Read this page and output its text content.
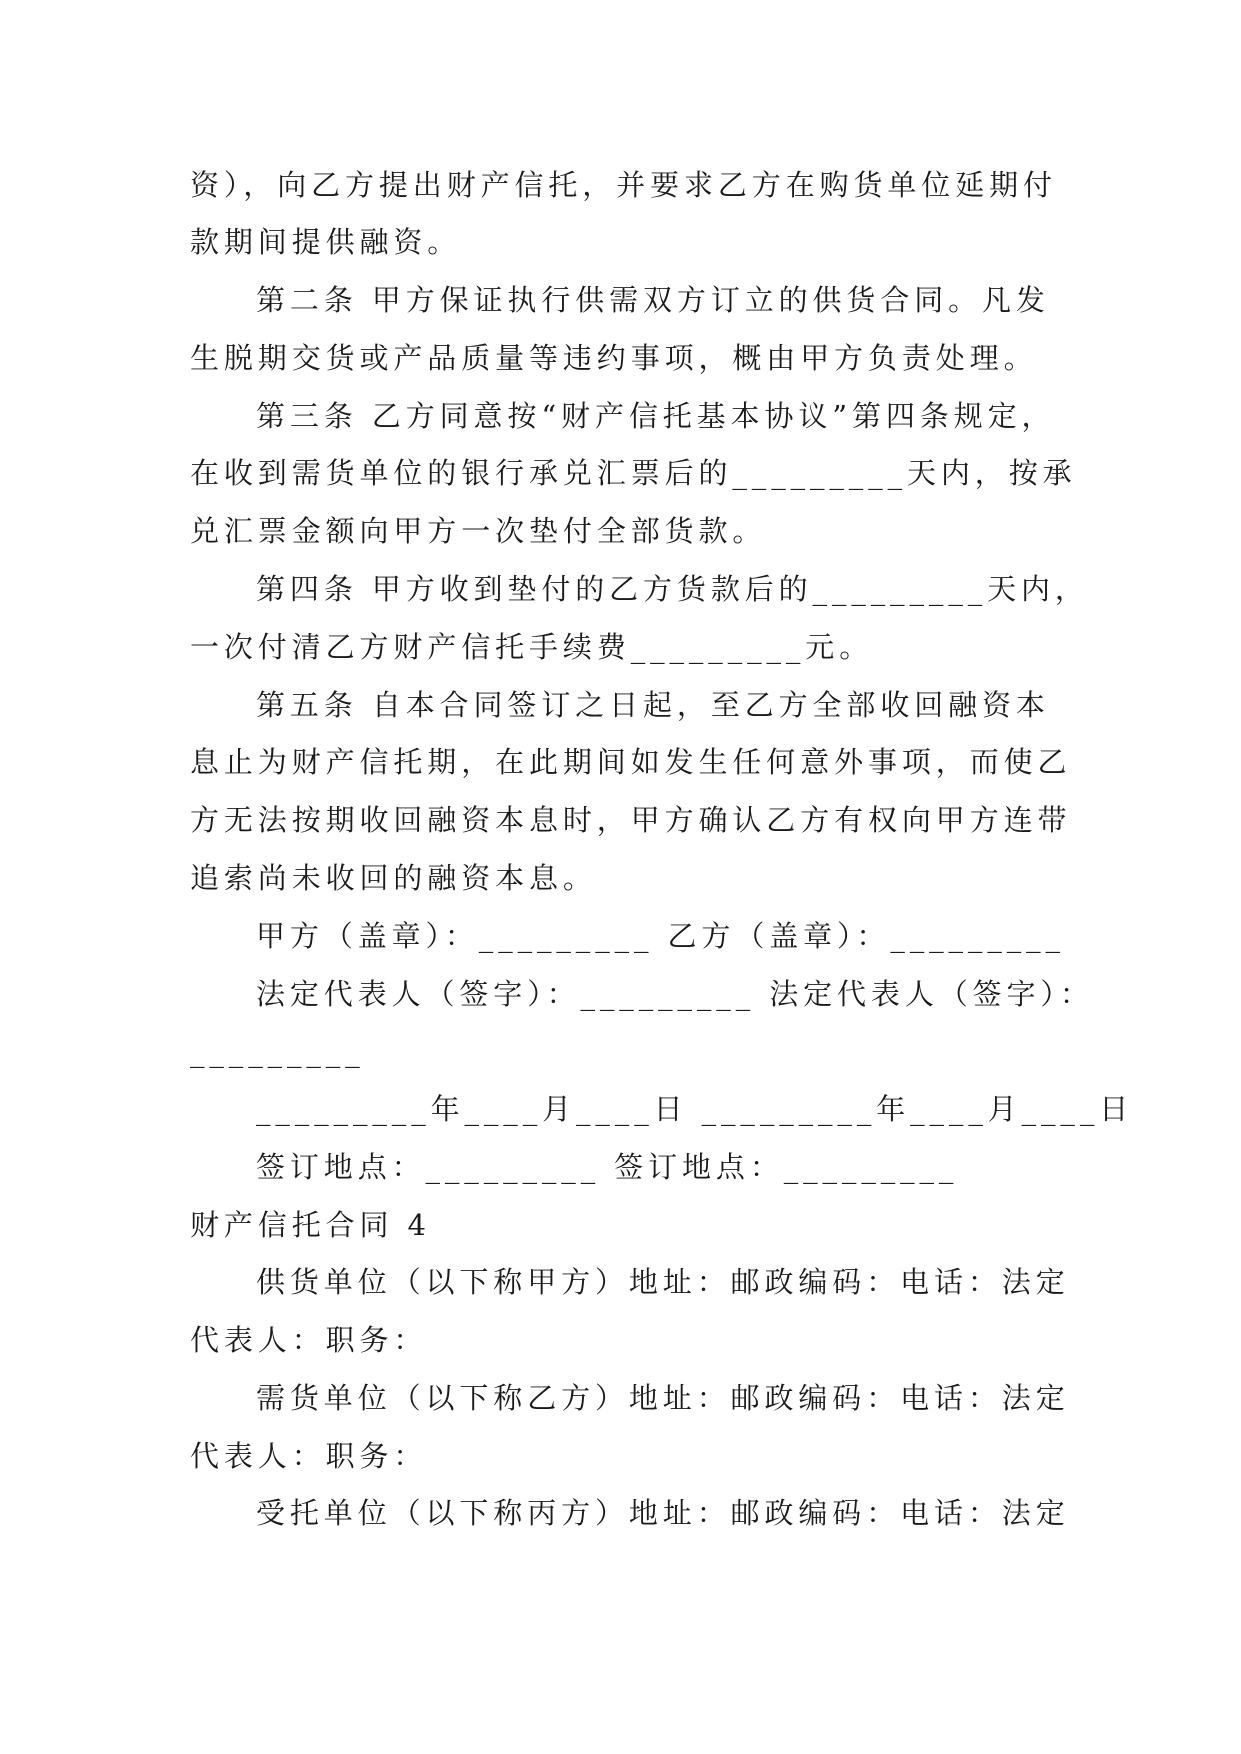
资），向乙方提出财产信托，并要求乙方在购货单位延期付
款期间提供融资。
第二条 甲方保证执行供需双方订立的供货合同。凡发
生脱期交货或产品质量等违约事项，概由甲方负责处理。
第三条 乙方同意按“财产信托基本协议”第四条规定，
在收到需货单位的银行承兑汇票后的_________天内，按承
兑汇票金额向甲方一次垫付全部货款。
第四条 甲方收到垫付的乙方货款后的_________天内，
一次付清乙方财产信托手续费_________元。
第五条 自本合同签订之日起，至乙方全部收回融资本
息止为财产信托期，在此期间如发生任何意外事项，而使乙
方无法按期收回融资本息时，甲方确认乙方有权向甲方连带
追索尚未收回的融资本息。
甲方（盖章）：_________ 乙方（盖章）：_________
法定代表人（签字）：_________ 法定代表人（签字）：
_________
_________年____月____日 _________年____月____日
签订地点：_________ 签订地点：_________
财产信托合同 4
供货单位（以下称甲方）地址：邮政编码：电话：法定
代表人：职务：
需货单位（以下称乙方）地址：邮政编码：电话：法定
代表人：职务：
受托单位（以下称丙方）地址：邮政编码：电话：法定
